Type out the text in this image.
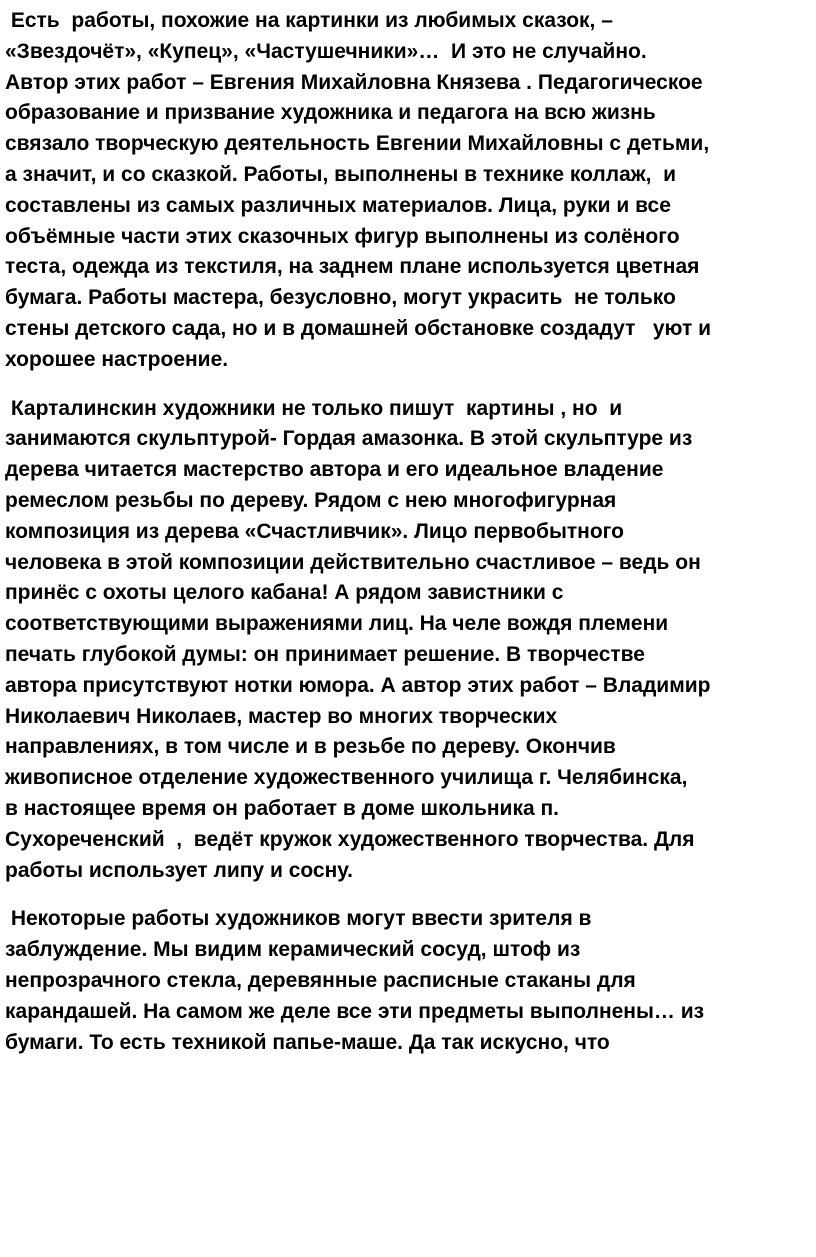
Есть  работы, похожие на картинки из любимых сказок, –
«Звездочёт», «Купец», «Частушечники»…  И это не случайно.
Автор этих работ – Евгения Михайловна Князева . Педагогическое
образование и призвание художника и педагога на всю жизнь
связало творческую деятельность Евгении Михайловны с детьми,
а значит, и со сказкой. Работы, выполнены в технике коллаж,  и
составлены из самых различных материалов. Лица, руки и все
объёмные части этих сказочных фигур выполнены из солёного
теста, одежда из текстиля, на заднем плане используется цветная
бумага. Работы мастера, безусловно, могут украсить  не только
стены детского сада, но и в домашней обстановке создадут   уют и
хорошее настроение.
Карталинскин художники не только пишут  картины , но  и
занимаются скульптурой- Гордая амазонка. В этой скульптуре из
дерева читается мастерство автора и его идеальное владение
ремеслом резьбы по дереву. Рядом с нею многофигурная
композиция из дерева «Счастливчик». Лицо первобытного
человека в этой композиции действительно счастливое – ведь он
принёс с охоты целого кабана! А рядом завистники с
соответствующими выражениями лиц. На челе вождя племени
печать глубокой думы: он принимает решение. В творчестве
автора присутствуют нотки юмора. А автор этих работ – Владимир
Николаевич Николаев, мастер во многих творческих
направлениях, в том числе и в резьбе по дереву. Окончив
живописное отделение художественного училища г. Челябинска,
в настоящее время он работает в доме школьника п.
Сухореченский  ,  ведёт кружок художественного творчества. Для
работы использует липу и сосну.
Некоторые работы художников могут ввести зрителя в
заблуждение. Мы видим керамический сосуд, штоф из
непрозрачного стекла, деревянные расписные стаканы для
карандашей. На самом же деле все эти предметы выполнены… из
бумаги. То есть техникой папье-маше. Да так искусно, что
